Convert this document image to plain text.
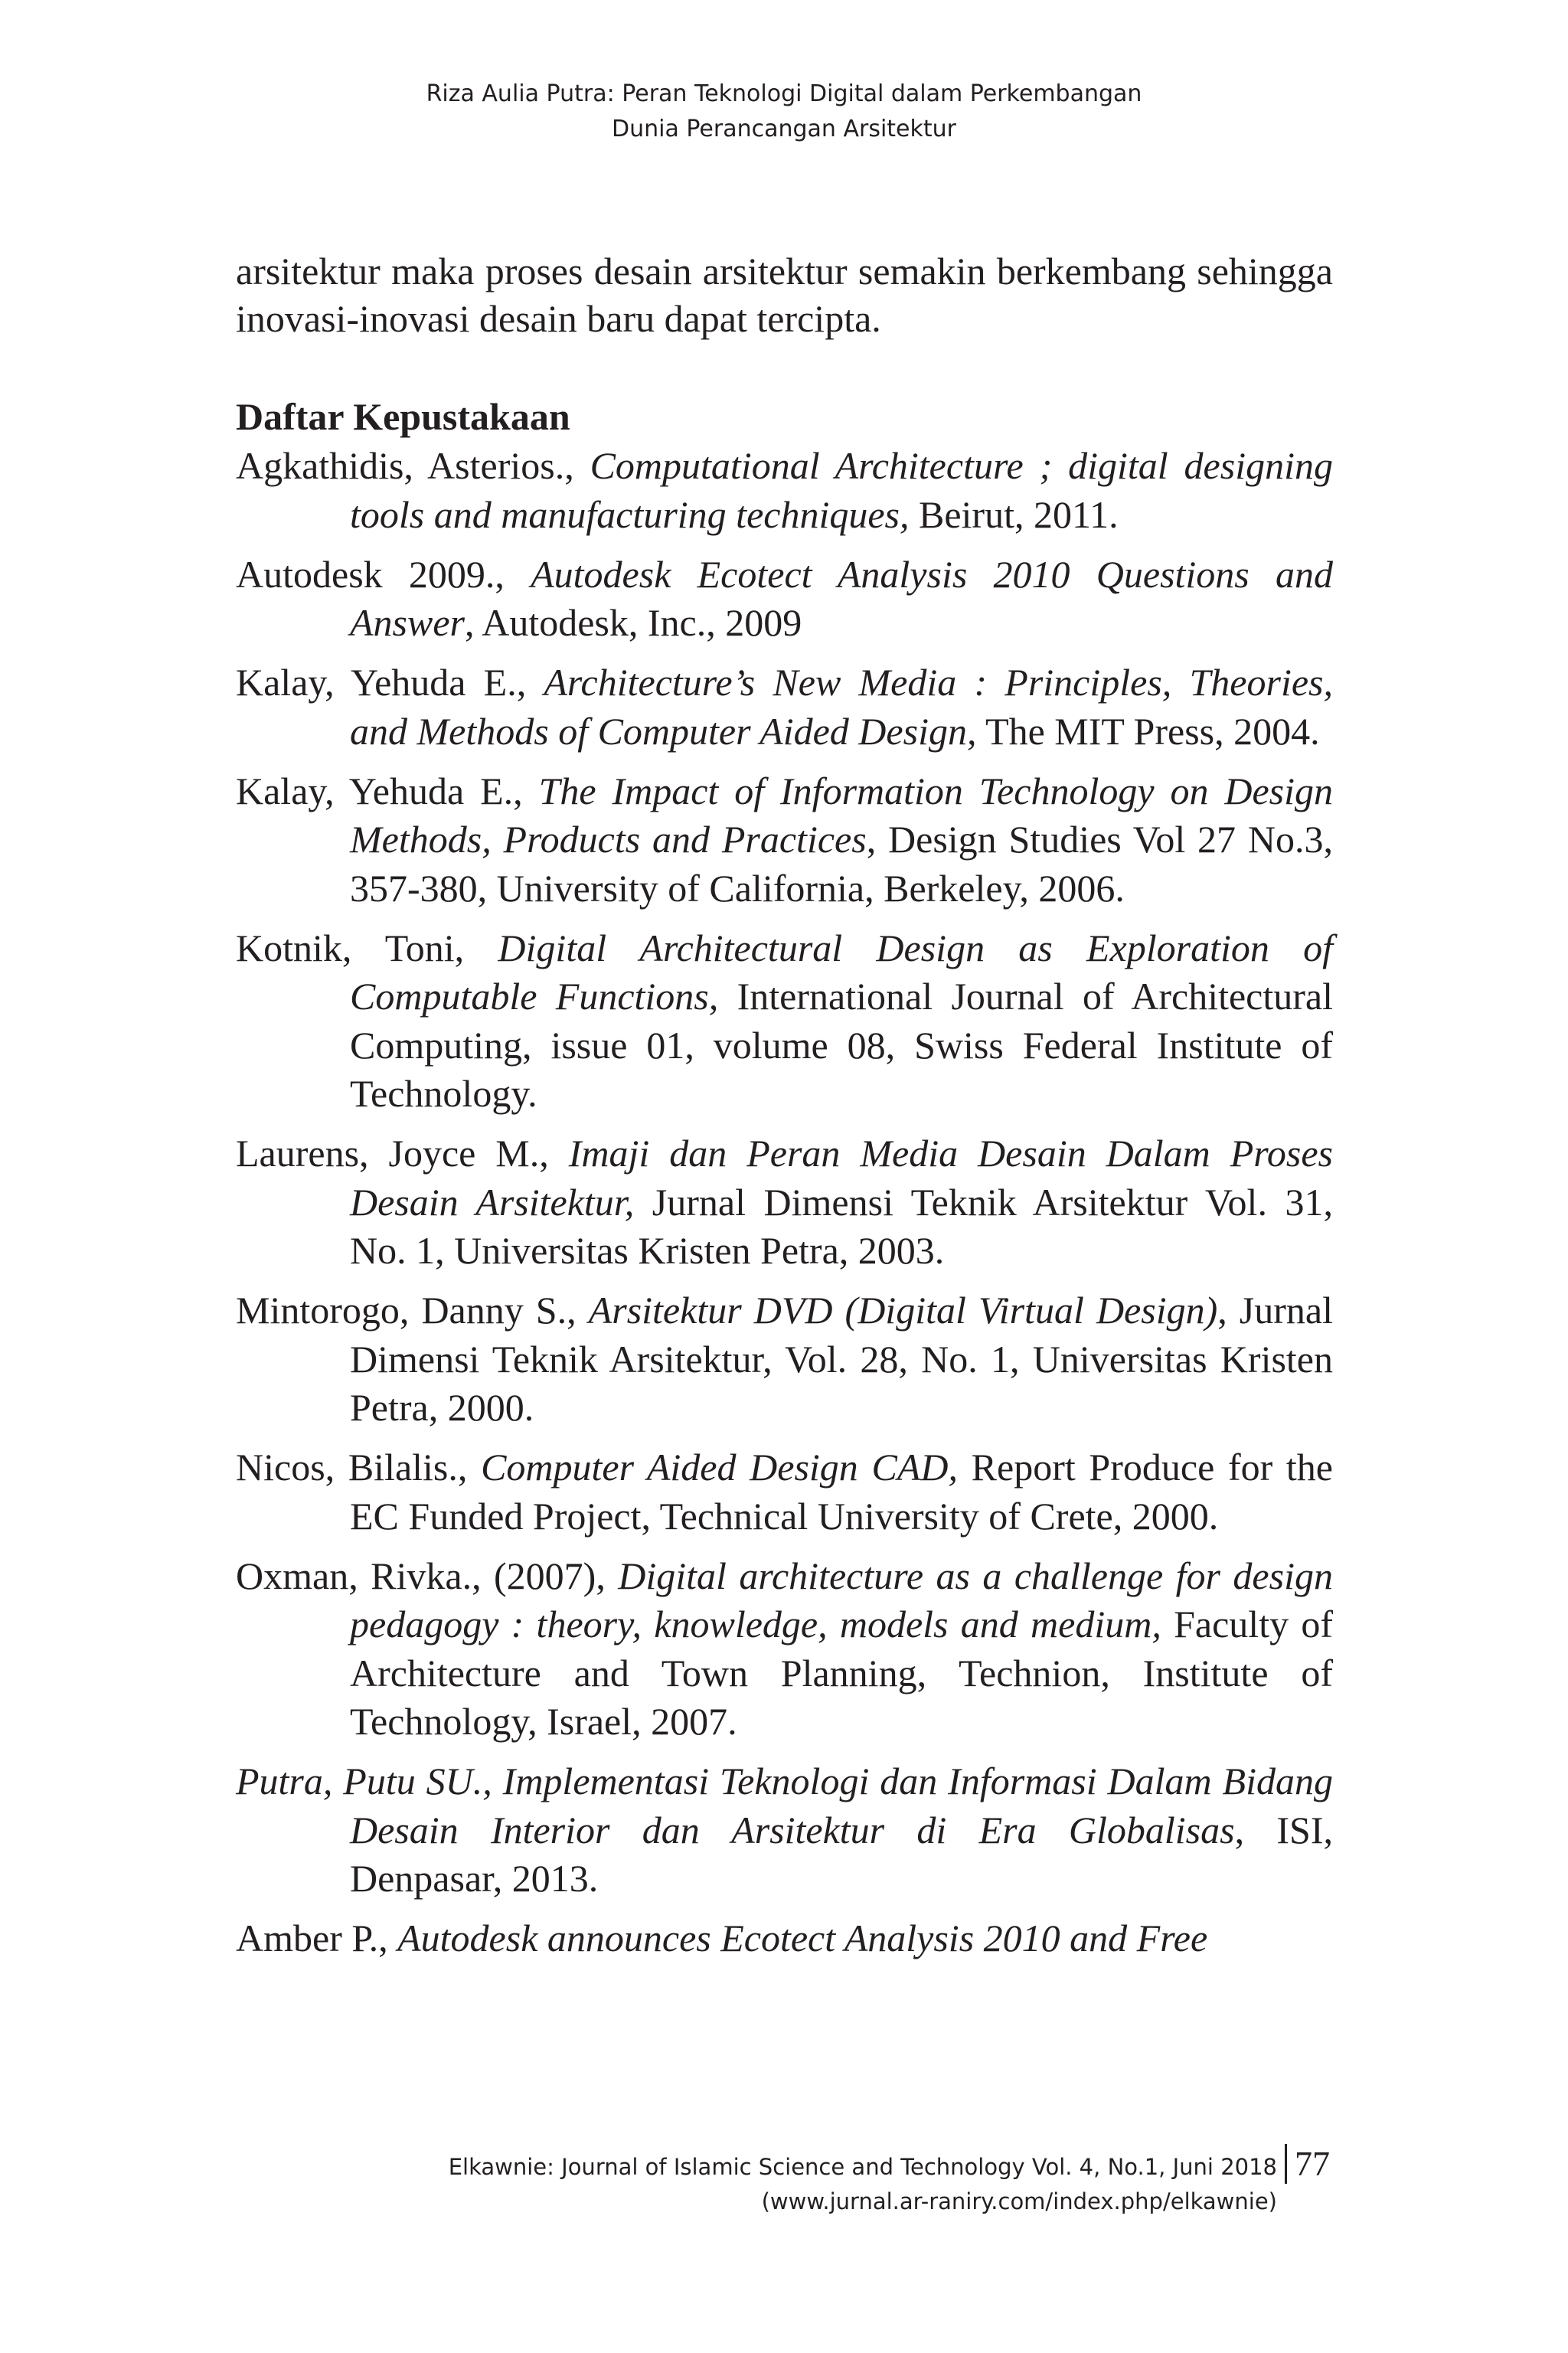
Riza Aulia Putra: Peran Teknologi Digital dalam Perkembangan
Dunia Perancangan Arsitektur
arsitektur maka proses desain arsitektur semakin berkembang sehingga inovasi-inovasi desain baru dapat tercipta.
Daftar Kepustakaan
Agkathidis, Asterios., Computational Architecture ; digital designing tools and manufacturing techniques, Beirut, 2011.
Autodesk 2009., Autodesk Ecotect Analysis 2010 Questions and Answer, Autodesk, Inc., 2009
Kalay, Yehuda E., Architecture’s New Media : Principles, Theories, and Methods of Computer Aided Design, The MIT Press, 2004.
Kalay, Yehuda E., The Impact of Information Technology on Design Methods, Products and Practices, Design Studies Vol 27 No.3, 357-380, University of California, Berkeley, 2006.
Kotnik, Toni, Digital Architectural Design as Exploration of Computable Functions, International Journal of Architectural Computing, issue 01, volume 08, Swiss Federal Institute of Technology.
Laurens, Joyce M., Imaji dan Peran Media Desain Dalam Proses Desain Arsitektur, Jurnal Dimensi Teknik Arsitektur Vol. 31, No. 1, Universitas Kristen Petra, 2003.
Mintorogo, Danny S., Arsitektur DVD (Digital Virtual Design), Jurnal Dimensi Teknik Arsitektur, Vol. 28, No. 1, Universitas Kristen Petra, 2000.
Nicos, Bilalis., Computer Aided Design CAD, Report Produce for the EC Funded Project, Technical University of Crete, 2000.
Oxman, Rivka., (2007), Digital architecture as a challenge for design pedagogy : theory, knowledge, models and medium, Faculty of Architecture and Town Planning, Technion, Institute of Technology, Israel, 2007.
Putra, Putu SU., Implementasi Teknologi dan Informasi Dalam Bidang Desain Interior dan Arsitektur di Era Globalisas, ISI, Denpasar, 2013.
Amber P., Autodesk announces Ecotect Analysis 2010 and Free
Elkawnie: Journal of Islamic Science and Technology Vol. 4, No.1, Juni 2018
(www.jurnal.ar-raniry.com/index.php/elkawnie)
77
